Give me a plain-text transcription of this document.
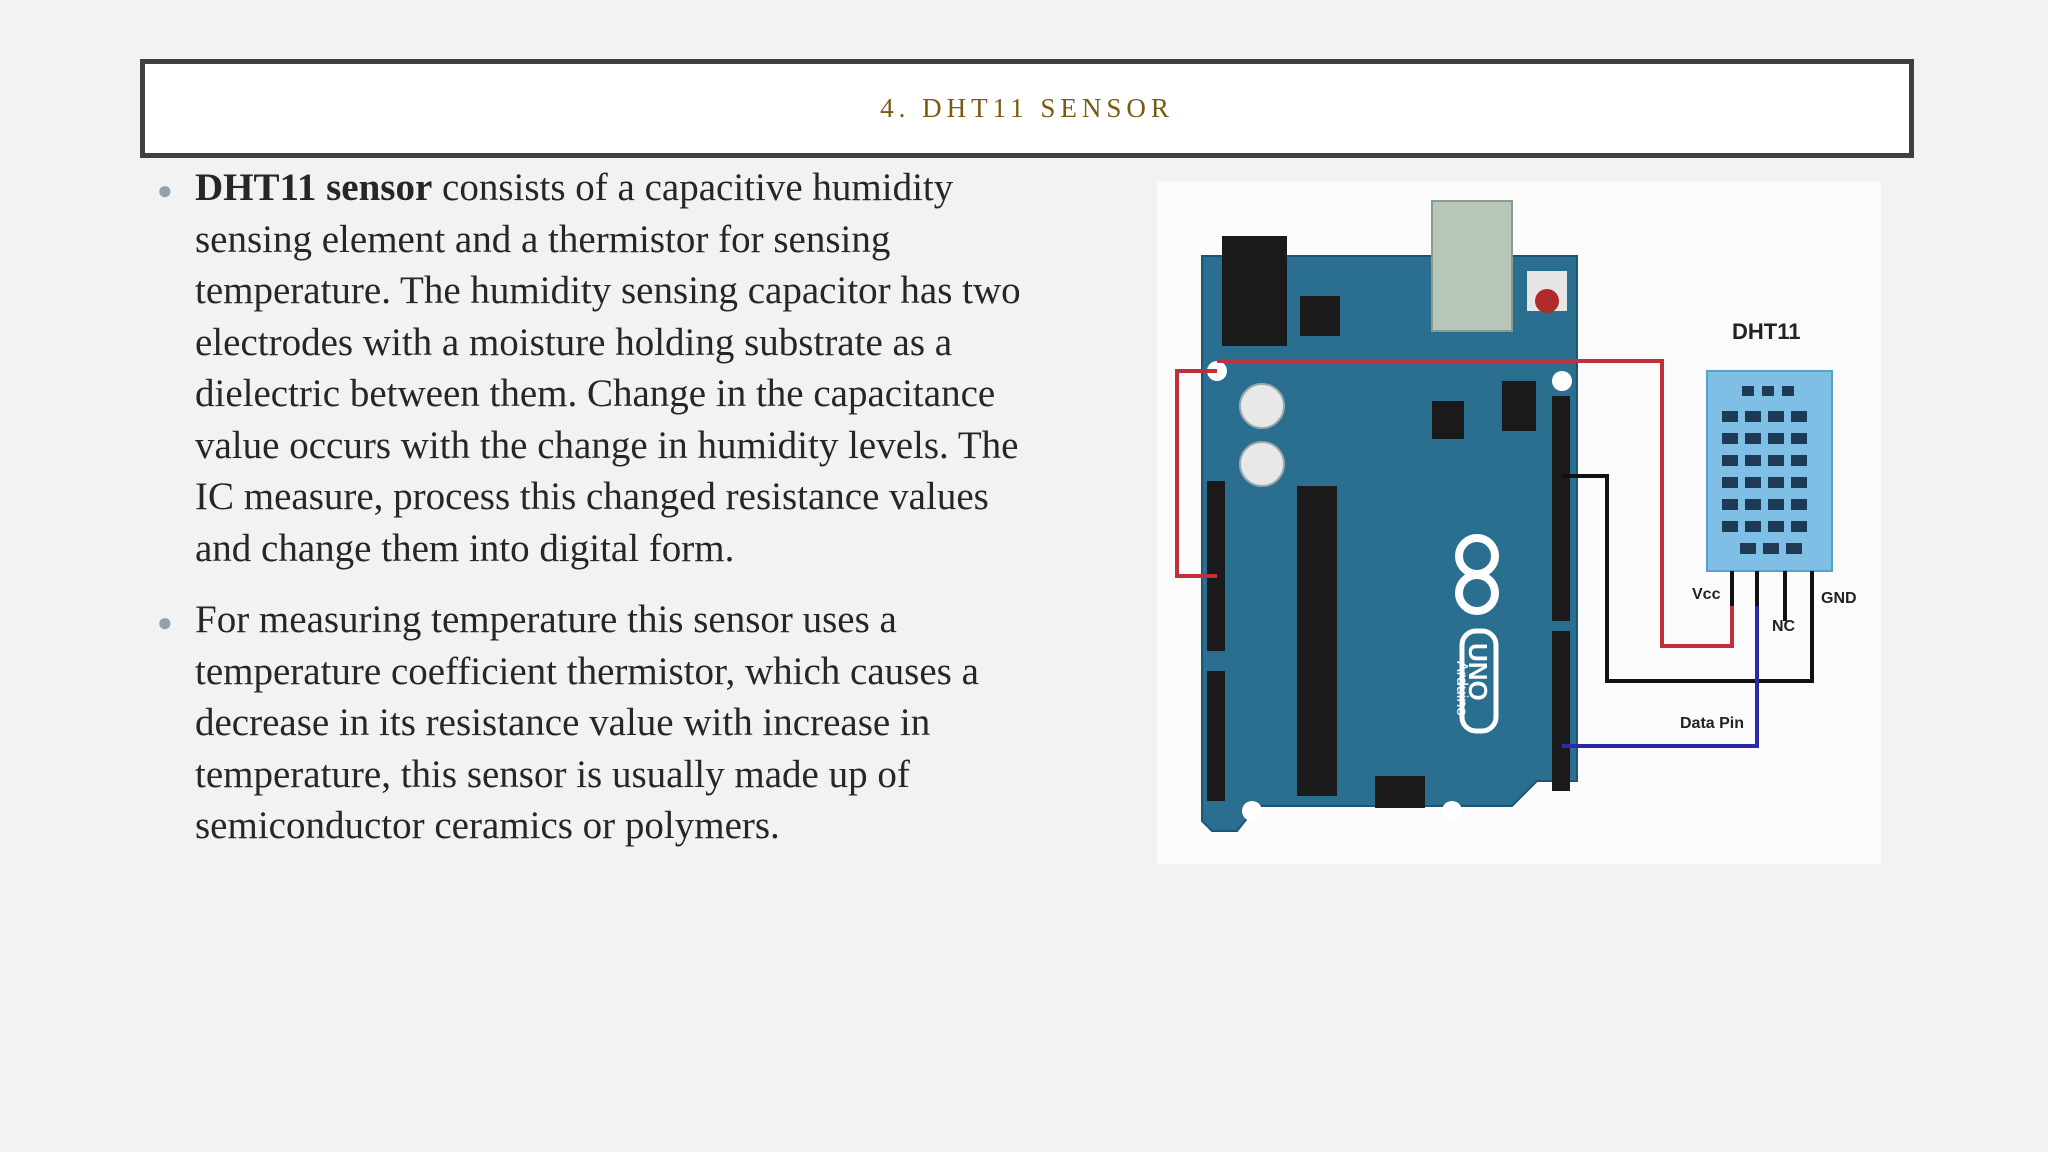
4. DHT11 SENSOR
● DHT11 sensor consists of a capacitive humidity sensing element and a thermistor for sensing temperature. The humidity sensing capacitor has two electrodes with a moisture holding substrate as a dielectric between them. Change in the capacitance value occurs with the change in humidity levels. The IC measure, process this changed resistance values and change them into digital form.
● For measuring temperature this sensor uses a temperature coefficient thermistor, which causes a decrease in its resistance value with increase in temperature, this sensor is usually made up of semiconductor ceramics or polymers.
Arduino
UNO
DHT11
Vcc
NC
GND
Data Pin
